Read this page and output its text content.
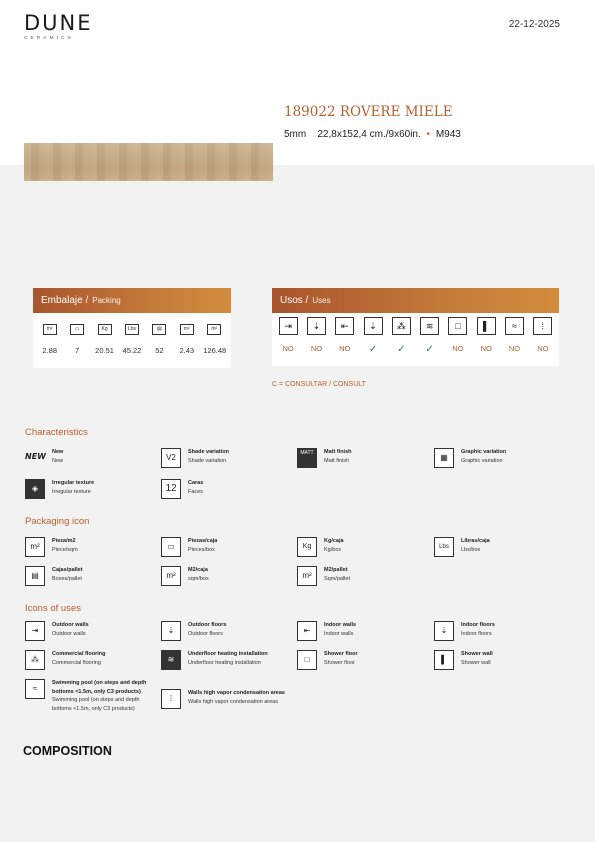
DUNE
CERAMICS
22-12-2025
189022 ROVERE MIELE
5mm 22,8x152,4 cm./9x60in. • M943
Embalaje / Packing
m²	▭	Kg	Lbs	▤	m²	m²
2.88	7	20.51 45.22	52	2.43	126.48
Usos / Uses
⇥	⇣	⇤	⇣	⁂	≋	□	▌	≈	⁞
NO	NO	NO	✓	✓	✓	NO	NO	NO	NO
C = CONSULTAR / CONSULT
Characteristics
NEW New
New	V2
Shade variation
Shade variation
MATT	Matt finish
Matt finish	▦
Graphic variation
Graphic variation
◈
Irregular texture
Irregular texture	12	Caras
Faces
Packaging icon
m²
Pieza/m2
Piece/sqm	▭
Piezas/caja
Pieces/box	Kg
Kg/caja
Kg/box	Lbs
Libras/caja
Lbs/box
▤
Cajas/pallet
Boxes/pallet	m²
M2/caja
sqm/box	m²
M2/pallet
Sqm/pallet
Icons of uses
⇥
Outdoor walls
Outdoor walls	⇣
Outdoor floors
Outdoor floors	⇤
Indoor walls
Indoor walls	⇣
Indoor floors
Indoor floors
⁂
Commercial flooring
Commercial flooring	≋
Underfloor heating installation
Underfloor heating installation	□
Shower floor
Shower floor	▌
Shower wall
Shower wall
≈
Swimming pool (on steps and depth bottoms <1.5m, only C3 products)
Swimming pool (on steps and depth bottoms <1.5m, only C3 products)
⁞
Walls high vapor condensation areas
Walls high vapor condensation areas
COMPOSITION
